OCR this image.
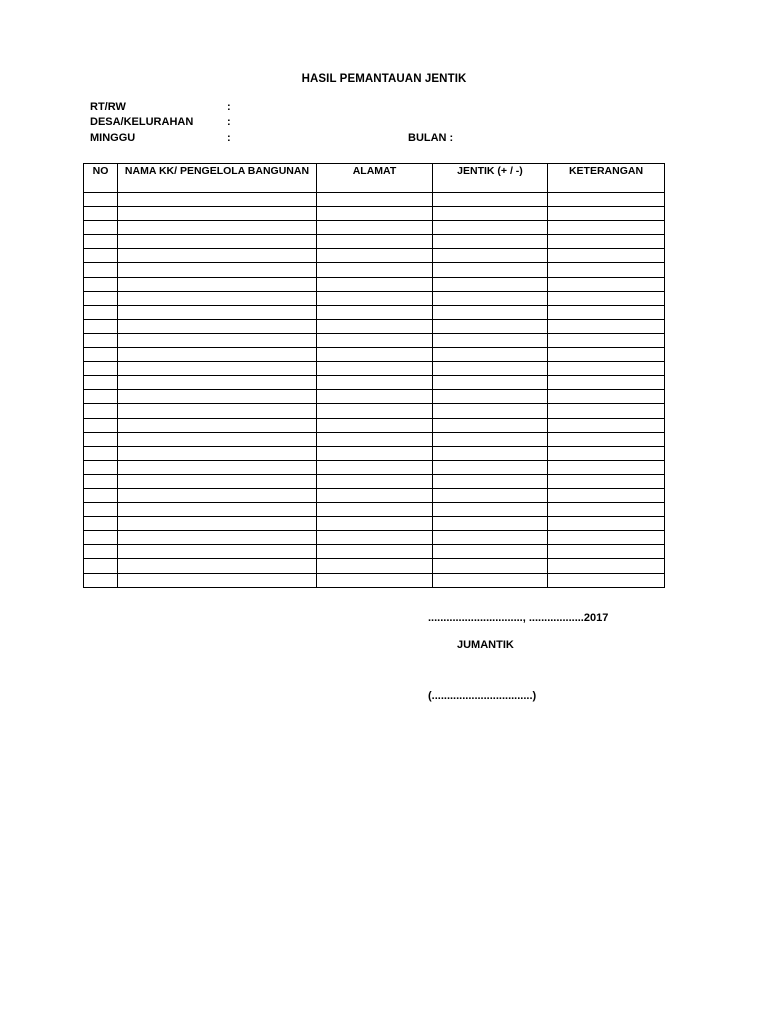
HASIL PEMANTAUAN JENTIK
RT/RW	:
DESA/KELURAHAN	:
MINGGU	:	BULAN :
NO	NAMA KK/ PENGELOLA BANGUNAN	ALAMAT	JENTIK (+ / -)	KETERANGAN

..............................., ..................2017
JUMANTIK
(.................................)
